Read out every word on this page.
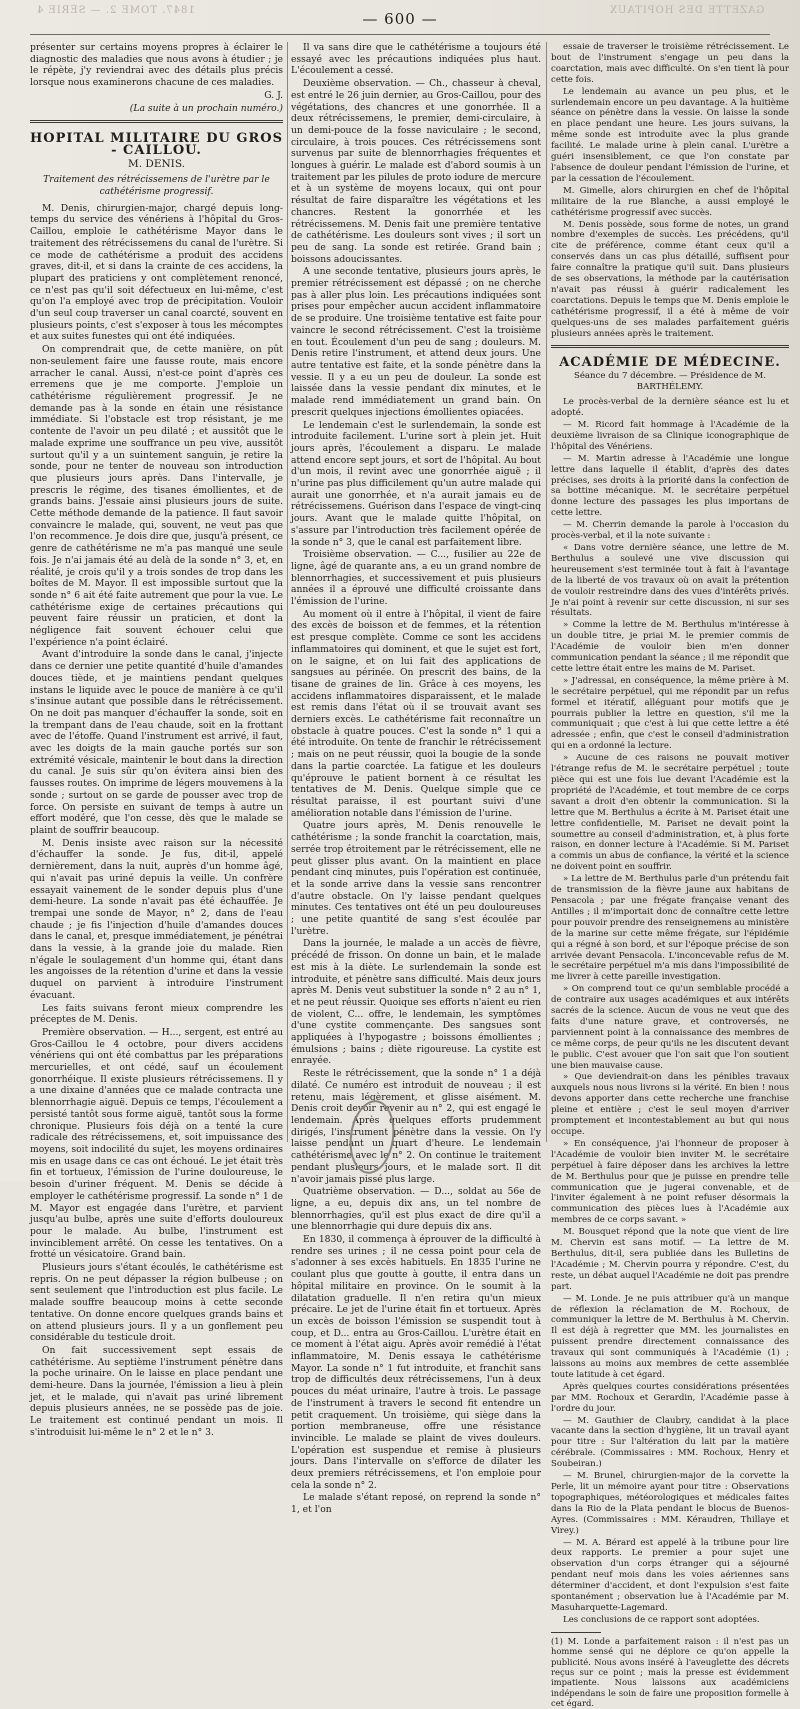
1847. TOME 2. — SÉRIE 4	GAZETTE DES HOPITAUX
— 600 —

présenter sur certains moyens propres à éclairer le diagnostic des maladies que nous avons à étudier ; je le répète, j'y reviendrai avec des détails plus précis lorsque nous examinerons chacune de ces maladies.

G. J.

(La suite à un prochain numéro.)

HOPITAL MILITAIRE DU GROS - CAILLOU.
M. DENIS.

Traitement des rétrécissemens de l'urètre par le cathétérisme progressif.

M. Denis, chirurgien-major, chargé depuis long-temps du service des vénériens à l'hôpital du Gros-Caillou, emploie le cathétérisme Mayor dans le traitement des rétrécissemens du canal de l'urètre. Si ce mode de cathétérisme a produit des accidens graves, dit-il, et si dans la crainte de ces accidens, la plupart des praticiens y ont complètement renoncé, ce n'est pas qu'il soit défectueux en lui-même, c'est qu'on l'a employé avec trop de précipitation. Vouloir d'un seul coup traverser un canal coarcté, souvent en plusieurs points, c'est s'exposer à tous les mécomptes et aux suites funestes qui ont été indiquées.

On comprendrait que, de cette manière, on pût non-seulement faire une fausse route, mais encore arracher le canal. Aussi, n'est-ce point d'après ces erremens que je me comporte. J'emploie un cathétérisme régulièrement progressif. Je ne demande pas à la sonde en étain une résistance immédiate. Si l'obstacle est trop résistant, je me contente de l'avoir un peu dilaté ; et aussitôt que le malade exprime une souffrance un peu vive, aussitôt surtout qu'il y a un suintement sanguin, je retire la sonde, pour ne tenter de nouveau son introduction que plusieurs jours après. Dans l'intervalle, je prescris le régime, des tisanes émollientes, et de grands bains. J'essaie ainsi plusieurs jours de suite. Cette méthode demande de la patience. Il faut savoir convaincre le malade, qui, souvent, ne veut pas que l'on recommence. Je dois dire que, jusqu'à présent, ce genre de cathétérisme ne m'a pas manqué une seule fois. Je n'ai jamais été au delà de la sonde n° 3, et, en réalité, je crois qu'il y a trois sondes de trop dans les boîtes de M. Mayor. Il est impossible surtout que la sonde n° 6 ait été faite autrement que pour la vue. Le cathétérisme exige de certaines précautions qui peuvent faire réussir un praticien, et dont la négligence fait souvent échouer celui que l'expérience n'a point éclairé.

Avant d'introduire la sonde dans le canal, j'injecte dans ce dernier une petite quantité d'huile d'amandes douces tiède, et je maintiens pendant quelques instans le liquide avec le pouce de manière à ce qu'il s'insinue autant que possible dans le rétrécissement. On ne doit pas manquer d'échauffer la sonde, soit en la trempant dans de l'eau chaude, soit en la frottant avec de l'étoffe. Quand l'instrument est arrivé, il faut, avec les doigts de la main gauche portés sur son extrémité vésicale, maintenir le bout dans la direction du canal. Je suis sûr qu'on évitera ainsi bien des fausses routes. On imprime de légers mouvemens à la sonde ; surtout on se garde de pousser avec trop de force. On persiste en suivant de temps à autre un effort modéré, que l'on cesse, dès que le malade se plaint de souffrir beaucoup.

M. Denis insiste avec raison sur la nécessité d'échauffer la sonde. Je fus, dit-il, appelé dernièrement, dans la nuit, auprès d'un homme âgé, qui n'avait pas uriné depuis la veille. Un confrère essayait vainement de le sonder depuis plus d'une demi-heure. La sonde n'avait pas été échauffée. Je trempai une sonde de Mayor, n° 2, dans de l'eau chaude ; je fis l'injection d'huile d'amandes douces dans le canal, et, presque immédiatement, je pénétrai dans la vessie, à la grande joie du malade. Rien n'égale le soulagement d'un homme qui, étant dans les angoisses de la rétention d'urine et dans la vessie duquel on parvient à introduire l'instrument évacuant.

Les faits suivans feront mieux comprendre les préceptes de M. Denis.

Première observation. — H..., sergent, est entré au Gros-Caillou le 4 octobre, pour divers accidens vénériens qui ont été combattus par les préparations mercurielles, et ont cédé, sauf un écoulement gonorrhéique. Il existe plusieurs rétrécissemens. Il y a une dixaine d'années que ce malade contracta une blennorrhagie aiguë. Depuis ce temps, l'écoulement a persisté tantôt sous forme aiguë, tantôt sous la forme chronique. Plusieurs fois déjà on a tenté la cure radicale des rétrécissemens, et, soit impuissance des moyens, soit indocilité du sujet, les moyens ordinaires mis en usage dans ce cas ont échoué. Le jet était très fin et tortueux, l'émission de l'urine douloureuse, le besoin d'uriner fréquent. M. Denis se décide à employer le cathétérisme progressif. La sonde n° 1 de M. Mayor est engagée dans l'urètre, et parvient jusqu'au bulbe, après une suite d'efforts douloureux pour le malade. Au bulbe, l'instrument est invinciblement arrêté. On cesse les tentatives. On a frotté un vésicatoire. Grand bain.

Plusieurs jours s'étant écoulés, le cathétérisme est repris. On ne peut dépasser la région bulbeuse ; on sent seulement que l'introduction est plus facile. Le malade souffre beaucoup moins à cette seconde tentative. On donne encore quelques grands bains et on attend plusieurs jours. Il y a un gonflement peu considérable du testicule droit.

On fait successivement sept essais de cathétérisme. Au septième l'instrument pénètre dans la poche urinaire. On le laisse en place pendant une demi-heure. Dans la journée, l'émission a lieu à plein jet, et le malade, qui n'avait pas uriné librement depuis plusieurs années, ne se possède pas de joie. Le traitement est continué pendant un mois. Il s'introduisit lui-même le n° 2 et le n° 3.

Il va sans dire que le cathétérisme a toujours été essayé avec les précautions indiquées plus haut. L'écoulement a cessé.

Deuxième observation. — Ch., chasseur à cheval, est entré le 26 juin dernier, au Gros-Caillou, pour des végétations, des chancres et une gonorrhée. Il a deux rétrécissemens, le premier, demi-circulaire, à un demi-pouce de la fosse naviculaire ; le second, circulaire, à trois pouces. Ces rétrécissemens sont survenus par suite de blennorrhagies fréquentes et longues à guérir. Le malade est d'abord soumis à un traitement par les pilules de proto iodure de mercure et à un système de moyens locaux, qui ont pour résultat de faire disparaître les végétations et les chancres. Restent la gonorrhée et les rétrécissemens. M. Denis fait une première tentative de cathétérisme. Les douleurs sont vives ; il sort un peu de sang. La sonde est retirée. Grand bain ; boissons adoucissantes.

A une seconde tentative, plusieurs jours après, le premier rétrécissement est dépassé ; on ne cherche pas à aller plus loin. Les précautions indiquées sont prises pour empêcher aucun accident inflammatoire de se produire. Une troisième tentative est faite pour vaincre le second rétrécissement. C'est la troisième en tout. Écoulement d'un peu de sang ; douleurs. M. Denis retire l'instrument, et attend deux jours. Une autre tentative est faite, et la sonde pénètre dans la vessie. Il y a eu un peu de douleur. La sonde est laissée dans la vessie pendant dix minutes, et le malade rend immédiatement un grand bain. On prescrit quelques injections émollientes opiacées.

Le lendemain c'est le surlendemain, la sonde est introduite facilement. L'urine sort à plein jet. Huit jours après, l'écoulement a disparu. Le malade attend encore sept jours, et sort de l'hôpital. Au bout d'un mois, il revint avec une gonorrhée aiguë ; il n'urine pas plus difficilement qu'un autre malade qui aurait une gonorrhée, et n'a aurait jamais eu de rétrécissemens. Guérison dans l'espace de vingt-cinq jours. Avant que le malade quitte l'hôpital, on s'assure par l'introduction très facilement opérée de la sonde n° 3, que le canal est parfaitement libre.

Troisième observation. — C..., fusilier au 22e de ligne, âgé de quarante ans, a eu un grand nombre de blennorrhagies, et successivement et puis plusieurs années il a éprouvé une difficulté croissante dans l'émission de l'urine.

Au moment où il entre à l'hôpital, il vient de faire des excès de boisson et de femmes, et la rétention est presque complète. Comme ce sont les accidens inflammatoires qui dominent, et que le sujet est fort, on le saigne, et on lui fait des applications de sangsues au périnée. On prescrit des bains, de la tisane de graines de lin. Grâce à ces moyens, les accidens inflammatoires disparaissent, et le malade est remis dans l'état où il se trouvait avant ses derniers excès. Le cathétérisme fait reconnaître un obstacle à quatre pouces. C'est la sonde n° 1 qui a été introduite. On tente de franchir le rétrécissement ; mais on ne peut réussir, quoi la bougie de la sonde dans la partie coarctée. La fatigue et les douleurs qu'éprouve le patient bornent à ce résultat les tentatives de M. Denis. Quelque simple que ce résultat paraisse, il est pourtant suivi d'une amélioration notable dans l'émission de l'urine.

Quatre jours après, M. Denis renouvelle le cathétérisme ; la sonde franchit la coarctation, mais, serrée trop étroitement par le rétrécissement, elle ne peut glisser plus avant. On la maintient en place pendant cinq minutes, puis l'opération est continuée, et la sonde arrive dans la vessie sans rencontrer d'autre obstacle. On l'y laisse pendant quelques minutes. Ces tentatives ont été un peu douloureuses ; une petite quantité de sang s'est écoulée par l'urètre.

Dans la journée, le malade a un accès de fièvre, précédé de frisson. On donne un bain, et le malade est mis à la diète. Le surlendemain la sonde est introduite, et pénètre sans difficulté. Mais deux jours après M. Denis veut substituer la sonde n° 2 au n° 1, et ne peut réussir. Quoique ses efforts n'aient eu rien de violent, C... offre, le lendemain, les symptômes d'une cystite commençante. Des sangsues sont appliquées à l'hypogastre ; boissons émollientes ; émulsions ; bains ; diète rigoureuse. La cystite est enrayée.

Reste le rétrécissement, que la sonde n° 1 a déjà dilaté. Ce numéro est introduit de nouveau ; il est retenu, mais légèrement, et glisse aisément. M. Denis croit devoir revenir au n° 2, qui est engagé le lendemain. Après quelques efforts prudemment dirigés, l'instrument pénètre dans la vessie. On l'y laisse pendant un quart d'heure. Le lendemain cathétérisme avec le n° 2. On continue le traitement pendant plusieurs jours, et le malade sort. Il dit n'avoir jamais pissé plus large.

Quatrième observation. — D..., soldat au 56e de ligne, a eu, depuis dix ans, un tel nombre de blennorrhagies, qu'il est plus exact de dire qu'il a une blennorrhagie qui dure depuis dix ans.

En 1830, il commença à éprouver de la difficulté à rendre ses urines ; il ne cessa point pour cela de s'adonner à ses excès habituels. En 1835 l'urine ne coulant plus que goutte à goutte, il entra dans un hôpital militaire en province. On le soumit à la dilatation graduelle. Il n'en retira qu'un mieux précaire. Le jet de l'urine était fin et tortueux. Après un excès de boisson l'émission se suspendit tout à coup, et D... entra au Gros-Caillou. L'urètre était en ce moment à l'état aigu. Après avoir remédié à l'état inflammatoire, M. Denis essaya le cathétérisme Mayor. La sonde n° 1 fut introduite, et franchit sans trop de difficultés deux rétrécissemens, l'un à deux pouces du méat urinaire, l'autre à trois. Le passage de l'instrument à travers le second fit entendre un petit craquement. Un troisième, qui siège dans la portion membraneuse, offre une résistance invincible. Le malade se plaint de vives douleurs. L'opération est suspendue et remise à plusieurs jours. Dans l'intervalle on s'efforce de dilater les deux premiers rétrécissemens, et l'on emploie pour cela la sonde n° 2.

Le malade s'étant reposé, on reprend la sonde n° 1, et l'on

essaie de traverser le troisième rétrécissement. Le bout de l'instrument s'engage un peu dans la coarctation, mais avec difficulté. On s'en tient là pour cette fois.

Le lendemain au avance un peu plus, et le surlendemain encore un peu davantage. A la huitième séance on pénètre dans la vessie. On laisse la sonde en place pendant une heure. Les jours suivans, la même sonde est introduite avec la plus grande facilité. Le malade urine à plein canal. L'urètre a guéri insensiblement, ce que l'on constate par l'absence de douleur pendant l'émission de l'urine, et par la cessation de l'écoulement.

M. Gimelle, alors chirurgien en chef de l'hôpital militaire de la rue Blanche, a aussi employé le cathétérisme progressif avec succès.

M. Denis possède, sous forme de notes, un grand nombre d'exemples de succès. Les précédens, qu'il cite de préférence, comme étant ceux qu'il a conservés dans un cas plus détaillé, suffisent pour faire connaître la pratique qu'il suit. Dans plusieurs de ses observations, la méthode par la cautérisation n'avait pas réussi à guérir radicalement les coarctations. Depuis le temps que M. Denis emploie le cathétérisme progressif, il a été à même de voir quelques-uns de ses malades parfaitement guéris plusieurs années après le traitement.

ACADÉMIE DE MÉDECINE.

Séance du 7 décembre. — Présidence de M. BARTHÉLEMY.

Le procès-verbal de la dernière séance est lu et adopté.

— M. Ricord fait hommage à l'Académie de la deuxième livraison de sa Clinique iconographique de l'hôpital des Vénériens.

— M. Martin adresse à l'Académie une longue lettre dans laquelle il établit, d'après des dates précises, ses droits à la priorité dans la confection de sa bottine mécanique. M. le secrétaire perpétuel donne lecture des passages les plus importans de cette lettre.

— M. Cherrin demande la parole à l'occasion du procès-verbal, et il la note suivante :

« Dans votre dernière séance, une lettre de M. Berthulus a soulevé une vive discussion qui heureusement s'est terminée tout à fait à l'avantage de la liberté de vos travaux où on avait la prétention de vouloir restreindre dans des vues d'intérêts privés. Je n'ai point à revenir sur cette discussion, ni sur ses résultats.

» Comme la lettre de M. Berthulus m'intéresse à un double titre, je priai M. le premier commis de l'Académie de vouloir bien m'en donner communication pendant la séance ; il me répondit que cette lettre était entre les mains de M. Pariset.

» J'adressai, en conséquence, la même prière à M. le secrétaire perpétuel, qui me répondit par un refus formel et itératif, alléguant pour motifs que je pourrais publier la lettre en question, s'il me la communiquait ; que c'est à lui que cette lettre a été adressée ; enfin, que c'est le conseil d'administration qui en a ordonné la lecture.

» Aucune de ces raisons ne pouvait motiver l'étrange refus de M. le secrétaire perpétuel ; toute pièce qui est une fois lue devant l'Académie est la propriété de l'Académie, et tout membre de ce corps savant a droit d'en obtenir la communication. Si la lettre que M. Berthulus a écrite à M. Pariset était une lettre confidentielle, M. Pariset ne devait point la soumettre au conseil d'administration, et, à plus forte raison, en donner lecture à l'Académie. Si M. Pariset a commis un abus de confiance, la vérité et la science ne doivent point en souffrir.

» La lettre de M. Berthulus parle d'un prétendu fait de transmission de la fièvre jaune aux habitans de Pensacola ; par une frégate française venant des Antilles ; il m'importait donc de connaître cette lettre pour pouvoir prendre des renseignemens au ministère de la marine sur cette même frégate, sur l'épidémie qui a régné à son bord, et sur l'époque précise de son arrivée devant Pensacola. L'inconcevable refus de M. le secrétaire perpétuel m'a mis dans l'impossibilité de me livrer à cette pareille investigation.

» On comprend tout ce qu'un semblable procédé a de contraire aux usages académiques et aux intérêts sacrés de la science. Aucun de vous ne veut que des faits d'une nature grave, et controversés, ne parviennent point à la connaissance des membres de ce même corps, de peur qu'ils ne les discutent devant le public. C'est avouer que l'on sait que l'on soutient une bien mauvaise cause.

» Que deviendrait-on dans les pénibles travaux auxquels nous nous livrons si la vérité. En bien ! nous devons apporter dans cette recherche une franchise pleine et entière ; c'est le seul moyen d'arriver promptement et incontestablement au but qui nous occupe.

» En conséquence, j'ai l'honneur de proposer à l'Académie de vouloir bien inviter M. le secrétaire perpétuel à faire déposer dans les archives la lettre de M. Berthulus pour que je puisse en prendre telle communication que je jugerai convenable, et de l'inviter également à ne point refuser désormais la communication des pièces lues à l'Académie aux membres de ce corps savant. »

M. Bousquet répond que la note que vient de lire M. Chervin est sans motif. — La lettre de M. Berthulus, dit-il, sera publiée dans les Bulletins de l'Académie ; M. Chervin pourra y répondre. C'est, du reste, un débat auquel l'Académie ne doit pas prendre part.

— M. Londe. Je ne puis attribuer qu'à un manque de réflexion la réclamation de M. Rochoux, de communiquer la lettre de M. Berthulus à M. Chervin. Il est déjà à regretter que MM. les journalistes en puissent prendre directement connaissance des travaux qui sont communiqués à l'Académie (1) ; laissons au moins aux membres de cette assemblée toute latitude à cet égard.

Après quelques courtes considérations présentées par MM. Rochoux et Gerardin, l'Académie passe à l'ordre du jour.

— M. Gauthier de Claubry, candidat à la place vacante dans la section d'hygiène, lit un travail ayant pour titre : Sur l'altération du lait par la matière cérébrale. (Commissaires : MM. Rochoux, Henry et Soubeiran.)

— M. Brunel, chirurgien-major de la corvette la Perle, lit un mémoire ayant pour titre : Observations topographiques, météorologiques et médicales faites dans la Rio de la Plata pendant le blocus de Buenos-Ayres. (Commissaires : MM. Kéraudren, Thillaye et Virey.)

— M. A. Bérard est appelé à la tribune pour lire deux rapports. Le premier a pour sujet une observation d'un corps étranger qui a séjourné pendant neuf mois dans les voies aériennes sans déterminer d'accident, et dont l'expulsion s'est faite spontanément ; observation lue à l'Académie par M. Masuharquette-Lagemard.

Les conclusions de ce rapport sont adoptées.

(1) M. Londe a parfaitement raison : il n'est pas un homme sensé qui ne déplore ce qu'on appelle la publicité. Nous avons inséré à l'aveuglette des décrets reçus sur ce point ; mais la presse est évidemment impatiente. Nous laissons aux académiciens indépendans le soin de faire une proposition formelle à cet égard.
